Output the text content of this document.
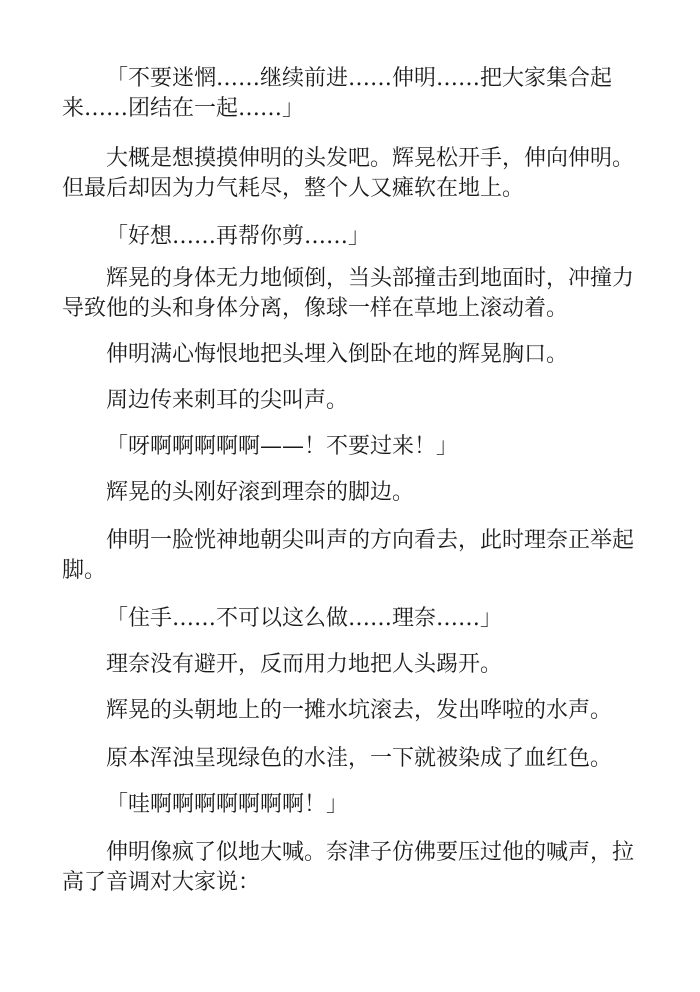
「不要迷惘……继续前进……伸明……把大家集合起来……团结在一起……」

大概是想摸摸伸明的头发吧。辉晃松开手，伸向伸明。但最后却因为力气耗尽，整个人又瘫软在地上。

「好想……再帮你剪……」

辉晃的身体无力地倾倒，当头部撞击到地面时，冲撞力导致他的头和身体分离，像球一样在草地上滚动着。

伸明满心悔恨地把头埋入倒卧在地的辉晃胸口。

周边传来刺耳的尖叫声。

「呀啊啊啊啊啊——！不要过来！」

辉晃的头刚好滚到理奈的脚边。

伸明一脸恍神地朝尖叫声的方向看去，此时理奈正举起脚。

「住手……不可以这么做……理奈……」

理奈没有避开，反而用力地把人头踢开。

辉晃的头朝地上的一摊水坑滚去，发出哗啦的水声。

原本浑浊呈现绿色的水洼，一下就被染成了血红色。

「哇啊啊啊啊啊啊啊！」

伸明像疯了似地大喊。奈津子仿佛要压过他的喊声，拉高了音调对大家说：
